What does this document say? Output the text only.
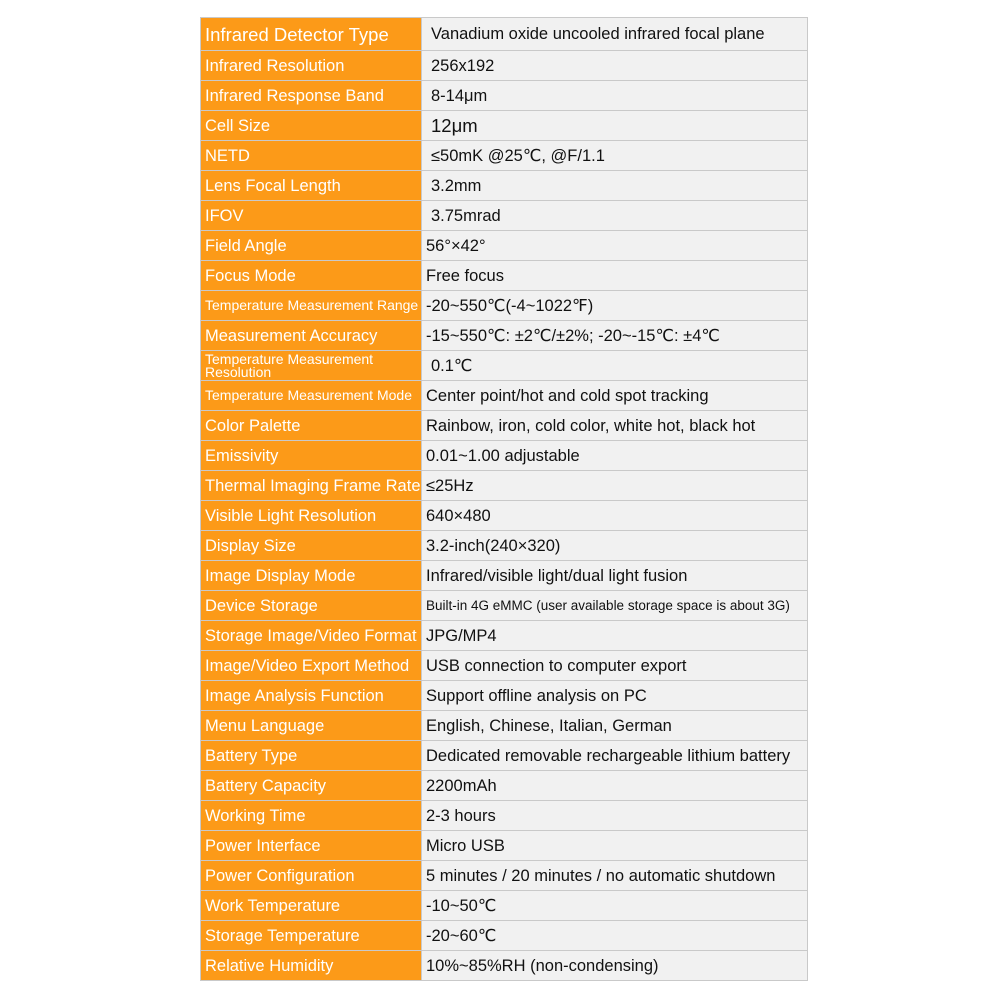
Infrared Detector Type	Vanadium oxide uncooled infrared focal plane
Infrared Resolution	256x192
Infrared Response Band	8-14μm
Cell Size	12μm
NETD	≤50mK @25℃, @F/1.1
Lens Focal Length	3.2mm
IFOV	3.75mrad
Field Angle	56°×42°
Focus Mode	Free focus
Temperature Measurement Range	-20~550℃(-4~1022℉)
Measurement Accuracy	-15~550℃: ±2℃/±2%; -20~-15℃: ±4℃
Temperature Measurement Resolution	0.1℃
Temperature Measurement Mode	Center point/hot and cold spot tracking
Color Palette	Rainbow, iron, cold color, white hot, black hot
Emissivity	0.01~1.00 adjustable
Thermal Imaging Frame Rate	≤25Hz
Visible Light Resolution	640×480
Display Size	3.2-inch(240×320)
Image Display Mode	Infrared/visible light/dual light fusion
Device Storage	Built-in 4G eMMC (user available storage space is about 3G)
Storage Image/Video Format	JPG/MP4
Image/Video Export Method	USB connection to computer export
Image Analysis Function	Support offline analysis on PC
Menu Language	English, Chinese, Italian, German
Battery Type	Dedicated removable rechargeable lithium battery
Battery Capacity	2200mAh
Working Time	2-3 hours
Power Interface	Micro USB
Power Configuration	5 minutes / 20 minutes / no automatic shutdown
Work Temperature	-10~50℃
Storage Temperature	-20~60℃
Relative Humidity	10%~85%RH (non-condensing)
